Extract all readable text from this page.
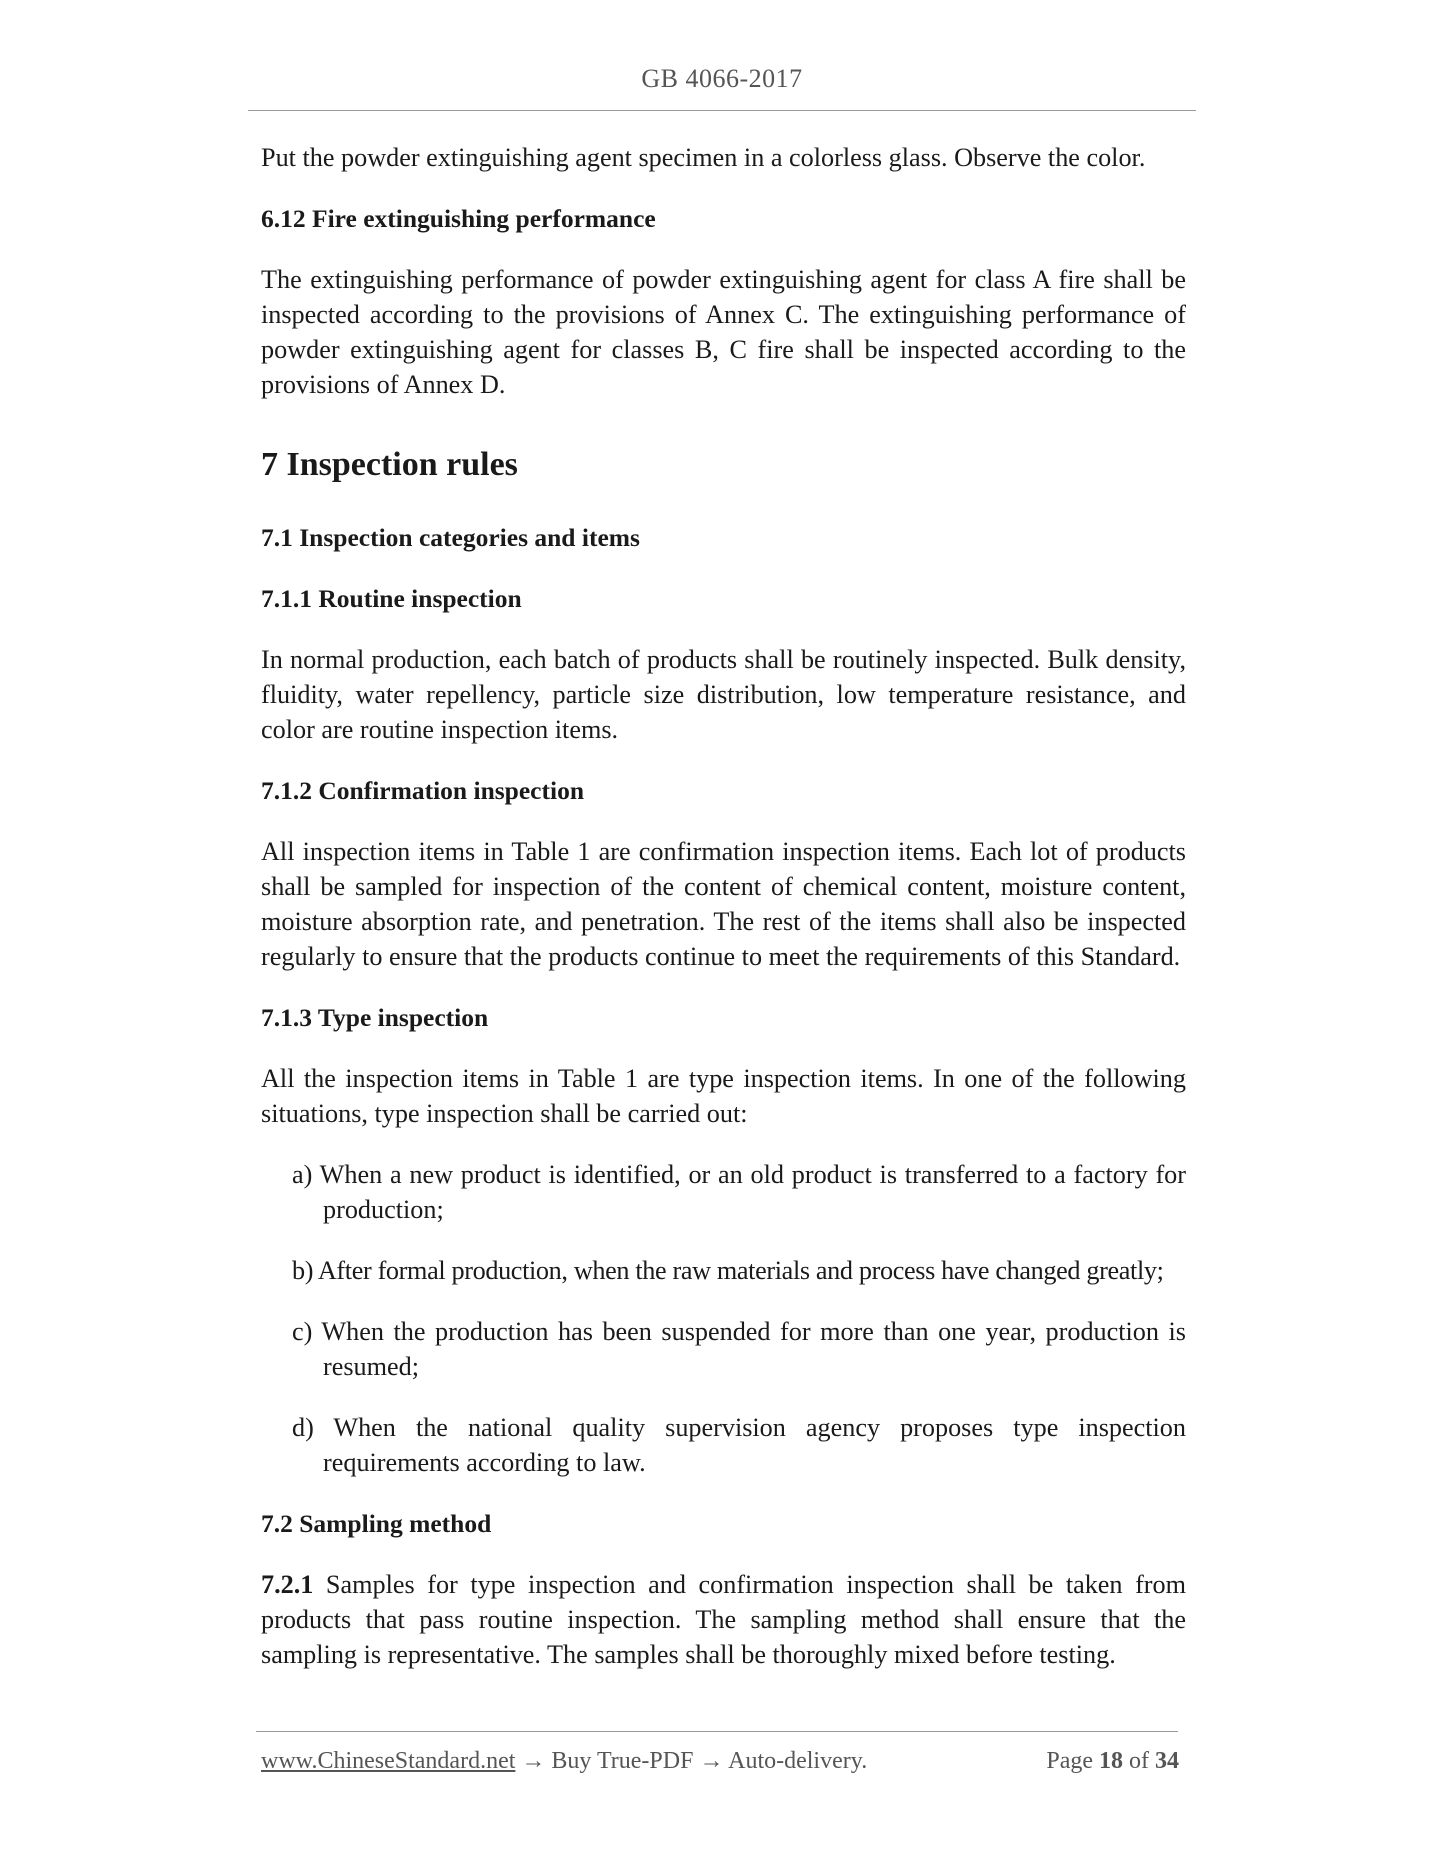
GB 4066-2017

Put the powder extinguishing agent specimen in a colorless glass. Observe the color.

6.12 Fire extinguishing performance

The extinguishing performance of powder extinguishing agent for class A fire shall be inspected according to the provisions of Annex C. The extinguishing performance of powder extinguishing agent for classes B, C fire shall be inspected according to the provisions of Annex D.

7 Inspection rules
7.1 Inspection categories and items
7.1.1 Routine inspection

In normal production, each batch of products shall be routinely inspected. Bulk density, fluidity, water repellency, particle size distribution, low temperature resistance, and color are routine inspection items.

7.1.2 Confirmation inspection

All inspection items in Table 1 are confirmation inspection items. Each lot of products shall be sampled for inspection of the content of chemical content, moisture content, moisture absorption rate, and penetration. The rest of the items shall also be inspected regularly to ensure that the products continue to meet the requirements of this Standard.

7.1.3 Type inspection

All the inspection items in Table 1 are type inspection items. In one of the following situations, type inspection shall be carried out:

a) When a new product is identified, or an old product is transferred to a factory for production;

b) After formal production, when the raw materials and process have changed greatly;

c) When the production has been suspended for more than one year, production is resumed;

d) When the national quality supervision agency proposes type inspection requirements according to law.

7.2 Sampling method

7.2.1 Samples for type inspection and confirmation inspection shall be taken from products that pass routine inspection. The sampling method shall ensure that the sampling is representative. The samples shall be thoroughly mixed before testing.

www.ChineseStandard.net → Buy True-PDF → Auto-delivery.	Page 18 of 34
